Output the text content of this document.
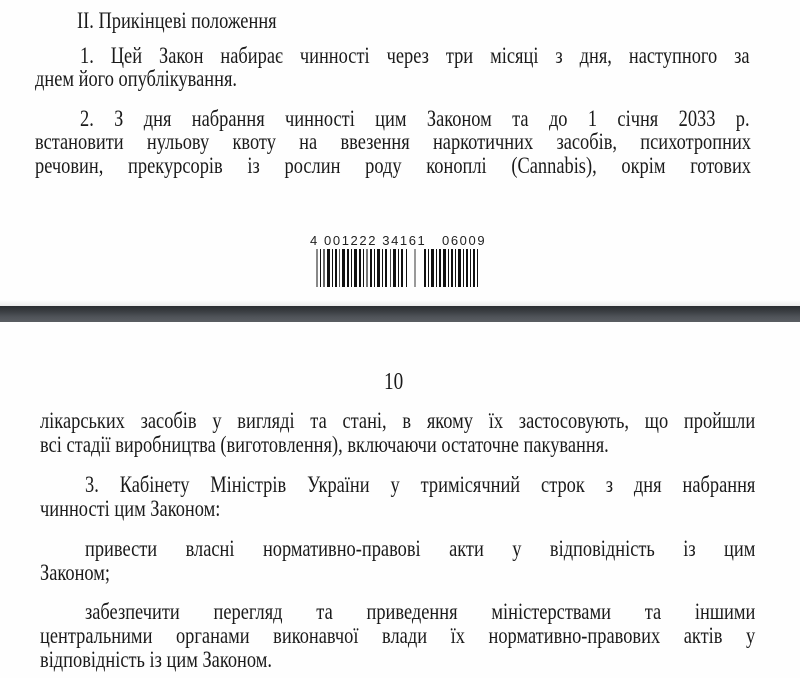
ІІ. Прикінцеві положення
1. Цей Закон набирає чинності через три місяці з дня, наступного за
днем його опублікування.
2. З дня набрання чинності цим Законом та до 1 січня 2033 р.
встановити нульову квоту на ввезення наркотичних засобів, психотропних
речовин, прекурсорів із рослин роду коноплі (Cannabis), окрім готових
4 001222 34161   06009
10
лікарських засобів у вигляді та стані, в якому їх застосовують, що пройшли
всі стадії виробництва (виготовлення), включаючи остаточне пакування.
3. Кабінету Міністрів України у тримісячний строк з дня набрання
чинності цим Законом:
привести власні нормативно-правові акти у відповідність із цим
Законом;
забезпечити перегляд та приведення міністерствами та іншими
центральними органами виконавчої влади їх нормативно-правових актів у
відповідність із цим Законом.
